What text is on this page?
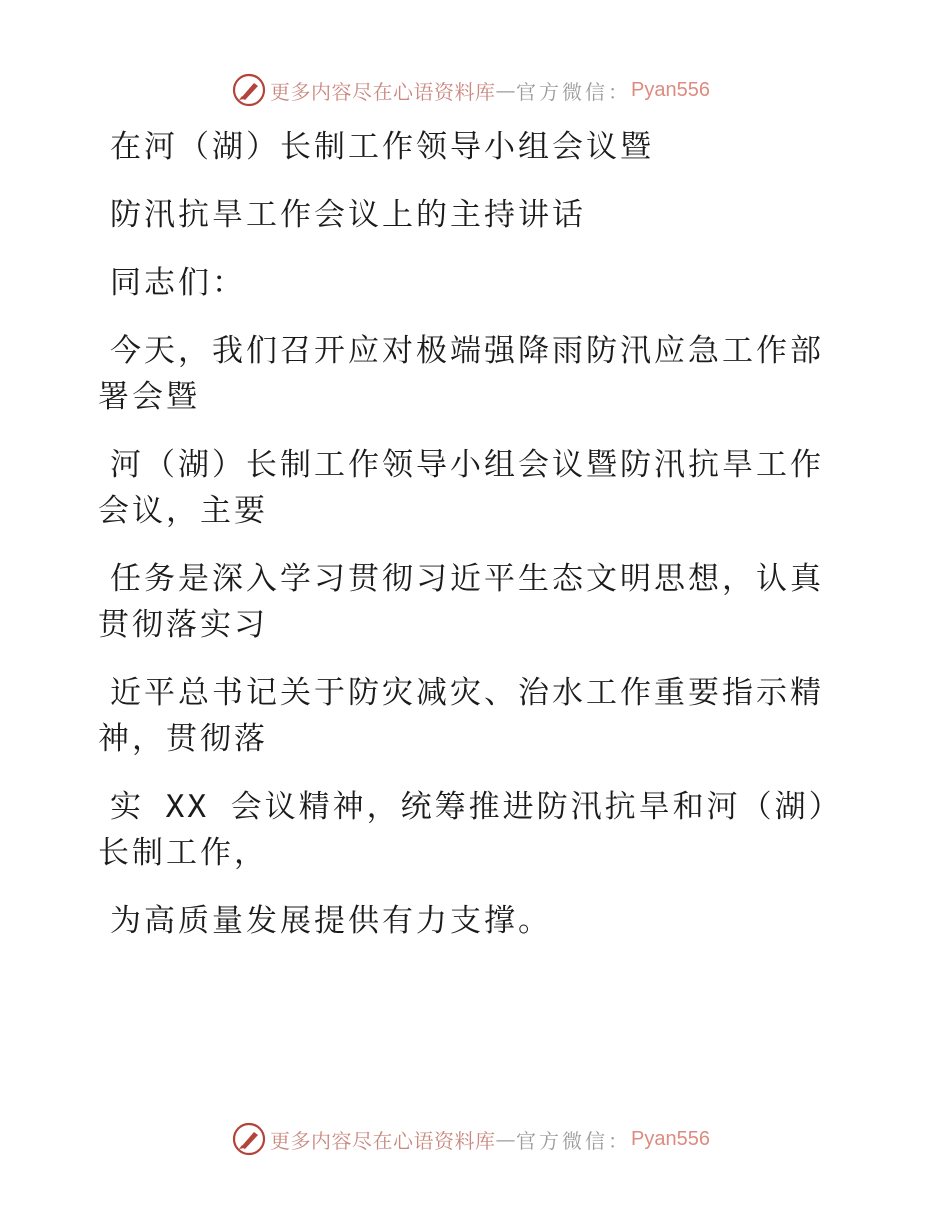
更多内容尽在心语资料库 — 官方微信： Pyan556

在河（湖）长制工作领导小组会议暨

防汛抗旱工作会议上的主持讲话

同志们：

今天，我们召开应对极端强降雨防汛应急工作部
署会暨

河（湖）长制工作领导小组会议暨防汛抗旱工作
会议，主要

任务是深入学习贯彻习近平生态文明思想，认真
贯彻落实习

近平总书记关于防灾减灾、治水工作重要指示精
神，贯彻落

实 XX 会议精神，统筹推进防汛抗旱和河（湖）
长制工作，

为高质量发展提供有力支撑。

更多内容尽在心语资料库 — 官方微信： Pyan556
